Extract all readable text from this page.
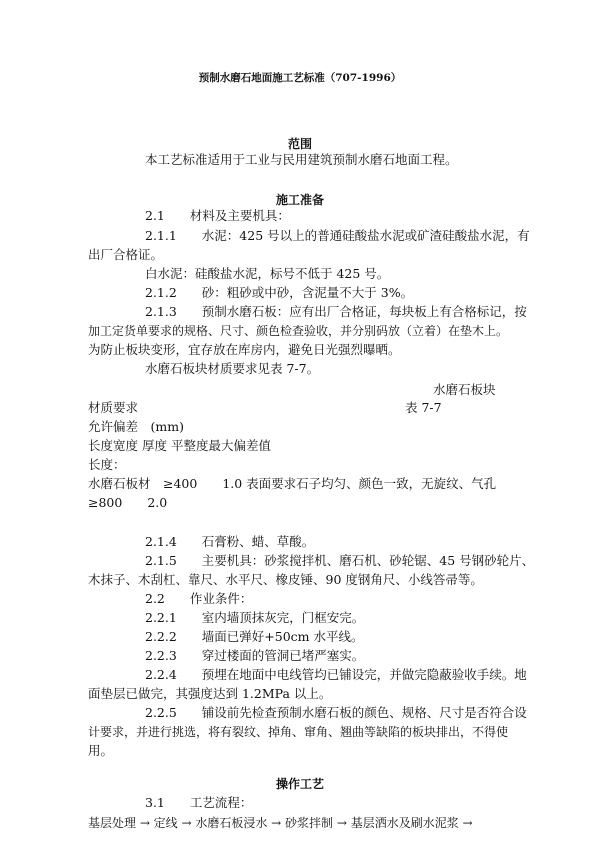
预制水磨石地面施工艺标准（707-1996）
范围
本工艺标准适用于工业与民用建筑预制水磨石地面工程。
施工准备
2.1　　材料及主要机具：
2.1.1　　水泥：425 号以上的普通硅酸盐水泥或矿渣硅酸盐水泥，有
出厂合格证。
白水泥：硅酸盐水泥，标号不低于 425 号。
2.1.2　　砂：粗砂或中砂，含泥量不大于 3%。
2.1.3　　预制水磨石板：应有出厂合格证，每块板上有合格标记，按
加工定货单要求的规格、尺寸、颜色检查验收，并分别码放（立着）在垫木上。
为防止板块变形，宜存放在库房内，避免日光强烈曝晒。
水磨石板块材质要求见表 7-7。
水磨石板块
材质要求	表 7-7
允许偏差　(mm)
长度宽度 厚度 平整度最大偏差值
长度：
水磨石板材　≥400　　1.0 表面要求石子均匀、颜色一致，无旋纹、气孔
≥800　　2.0
2.1.4　　石膏粉、蜡、草酸。
2.1.5　　主要机具：砂浆搅拌机、磨石机、砂轮锯、45 号钢砂轮片、
木抹子、木刮杠、靠尺、水平尺、橡皮锤、90 度钢角尺、小线答帚等。
2.2　　作业条件：
2.2.1　　室内墙顶抹灰完，门框安完。
2.2.2　　墙面已弹好+50cm 水平线。
2.2.3　　穿过楼面的管洞已堵严塞实。
2.2.4　　预埋在地面中电线管均已铺设完，并做完隐蔽验收手续。地
面垫层已做完，其强度达到 1.2MPa 以上。
2.2.5　　铺设前先检查预制水磨石板的颜色、规格、尺寸是否符合设
计要求，并进行挑选，将有裂纹、掉角、窜角、翘曲等缺陷的板块排出，不得使
用。
操作工艺
3.1　　工艺流程：
基层处理 → 定线 → 水磨石板浸水 → 砂浆拌制 → 基层洒水及刷水泥浆 →
